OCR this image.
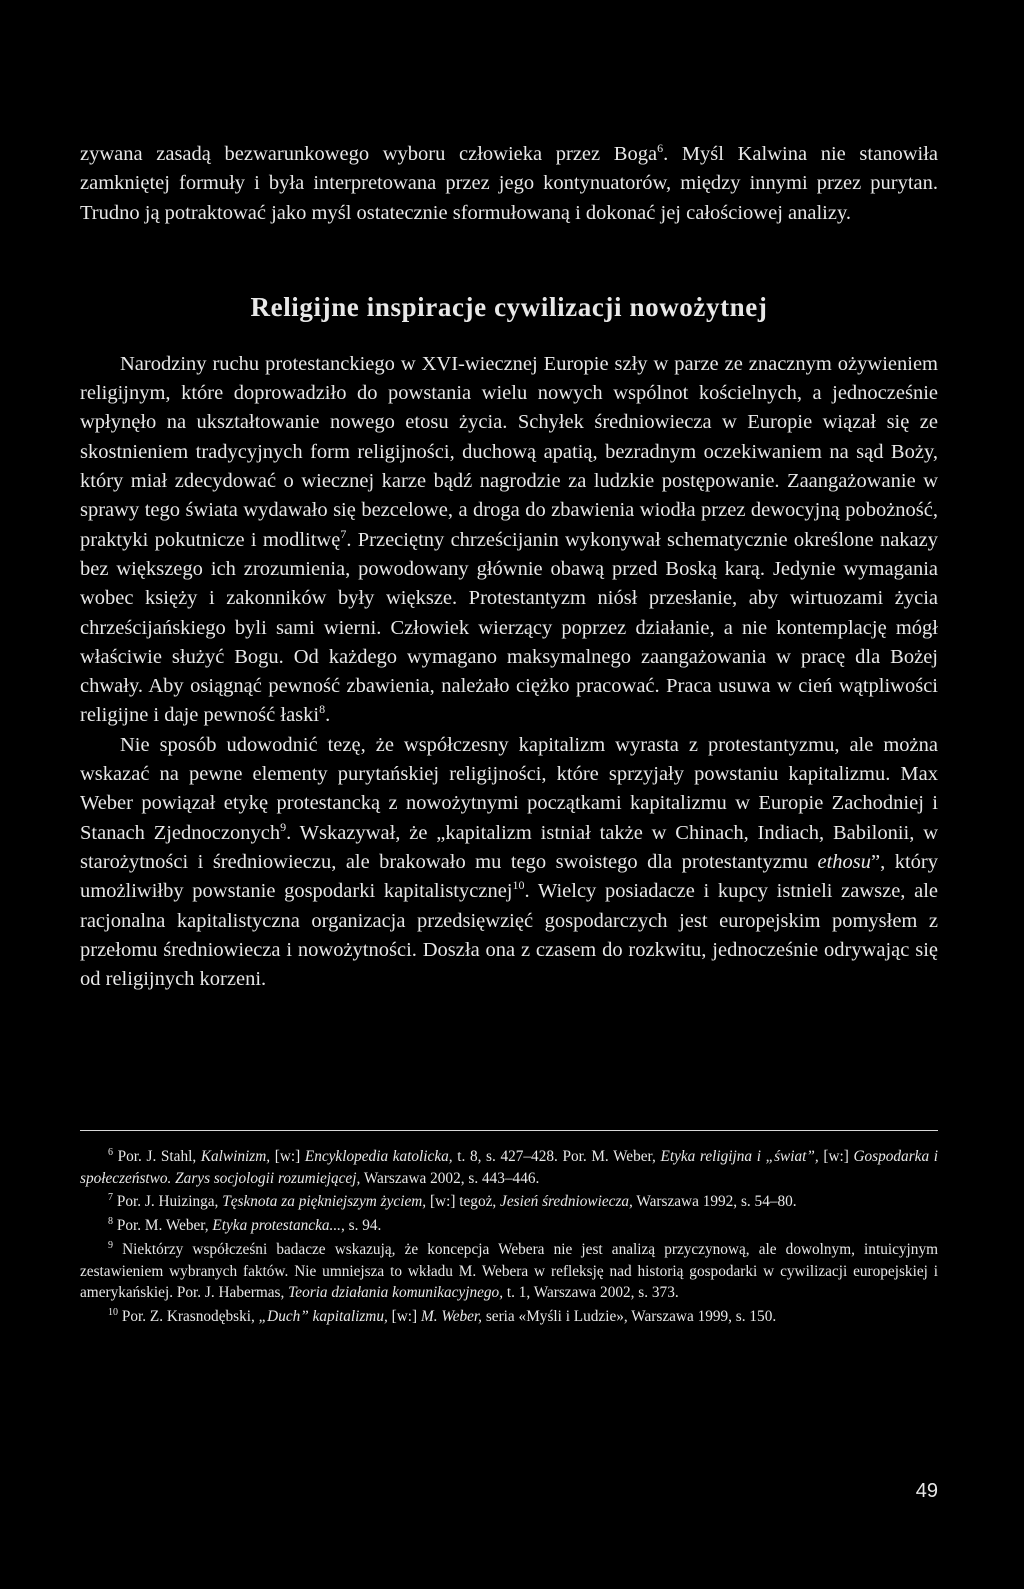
zywana zasadą bezwarunkowego wyboru człowieka przez Boga$^6$. Myśl Kalwina nie stanowiła zamkniętej formuły i była interpretowana przez jego kontynuatorów, między innymi przez purytan. Trudno ją potraktować jako myśl ostatecznie sformułowaną i dokonać jej całościowej analizy.

Religijne inspiracje cywilizacji nowożytnej

Narodziny ruchu protestanckiego w XVI-wiecznej Europie szły w parze ze znacznym ożywieniem religijnym, które doprowadziło do powstania wielu nowych wspólnot kościelnych, a jednocześnie wpłynęło na ukształtowanie nowego etosu życia. Schyłek średniowiecza w Europie wiązał się ze skostnieniem tradycyjnych form religijności, duchową apatią, bezradnym oczekiwaniem na sąd Boży, który miał zdecydować o wiecznej karze bądź nagrodzie za ludzkie postępowanie. Zaangażowanie w sprawy tego świata wydawało się bezcelowe, a droga do zbawienia wiodła przez dewocyjną pobożność, praktyki pokutnicze i modlitwę$^7$. Przeciętny chrześcijanin wykonywał schematycznie określone nakazy bez większego ich zrozumienia, powodowany głównie obawą przed Boską karą. Jedynie wymagania wobec księży i zakonników były większe. Protestantyzm niósł przesłanie, aby wirtuozami życia chrześcijańskiego byli sami wierni. Człowiek wierzący poprzez działanie, a nie kontemplację mógł właściwie służyć Bogu. Od każdego wymagano maksymalnego zaangażowania w pracę dla Bożej chwały. Aby osiągnąć pewność zbawienia, należało ciężko pracować. Praca usuwa w cień wątpliwości religijne i daje pewność łaski$^8$.

Nie sposób udowodnić tezę, że współczesny kapitalizm wyrasta z protestantyzmu, ale można wskazać na pewne elementy purytańskiej religijności, które sprzyjały powstaniu kapitalizmu. Max Weber powiązał etykę protestancką z nowożytnymi początkami kapitalizmu w Europie Zachodniej i Stanach Zjednoczonych$^9$. Wskazywał, że „kapitalizm istniał także w Chinach, Indiach, Babilonii, w starożytności i średniowieczu, ale brakowało mu tego swoistego dla protestantyzmu ethosu”, który umożliwiłby powstanie gospodarki kapitalistycznej$^{10}$. Wielcy posiadacze i kupcy istnieli zawsze, ale racjonalna kapitalistyczna organizacja przedsięwzięć gospodarczych jest europejskim pomysłem z przełomu średniowiecza i nowożytności. Doszła ona z czasem do rozkwitu, jednocześnie odrywając się od religijnych korzeni.

$^6$ Por. J. Stahl, Kalwinizm, [w:] Encyklopedia katolicka, t. 8, s. 427–428. Por. M. Weber, Etyka religijna i „świat”, [w:] Gospodarka i społeczeństwo. Zarys socjologii rozumiejącej, Warszawa 2002, s. 443–446.

$^7$ Por. J. Huizinga, Tęsknota za piękniejszym życiem, [w:] tegoż, Jesień średniowiecza, Warszawa 1992, s. 54–80.

$^8$ Por. M. Weber, Etyka protestancka..., s. 94.

$^9$ Niektórzy współcześni badacze wskazują, że koncepcja Webera nie jest analizą przyczynową, ale dowolnym, intuicyjnym zestawieniem wybranych faktów. Nie umniejsza to wkładu M. Webera w refleksję nad historią gospodarki w cywilizacji europejskiej i amerykańskiej. Por. J. Habermas, Teoria działania komunikacyjnego, t. 1, Warszawa 2002, s. 373.

$^{10}$ Por. Z. Krasnodębski, „Duch” kapitalizmu, [w:] M. Weber, seria «Myśli i Ludzie», Warszawa 1999, s. 150.

49
